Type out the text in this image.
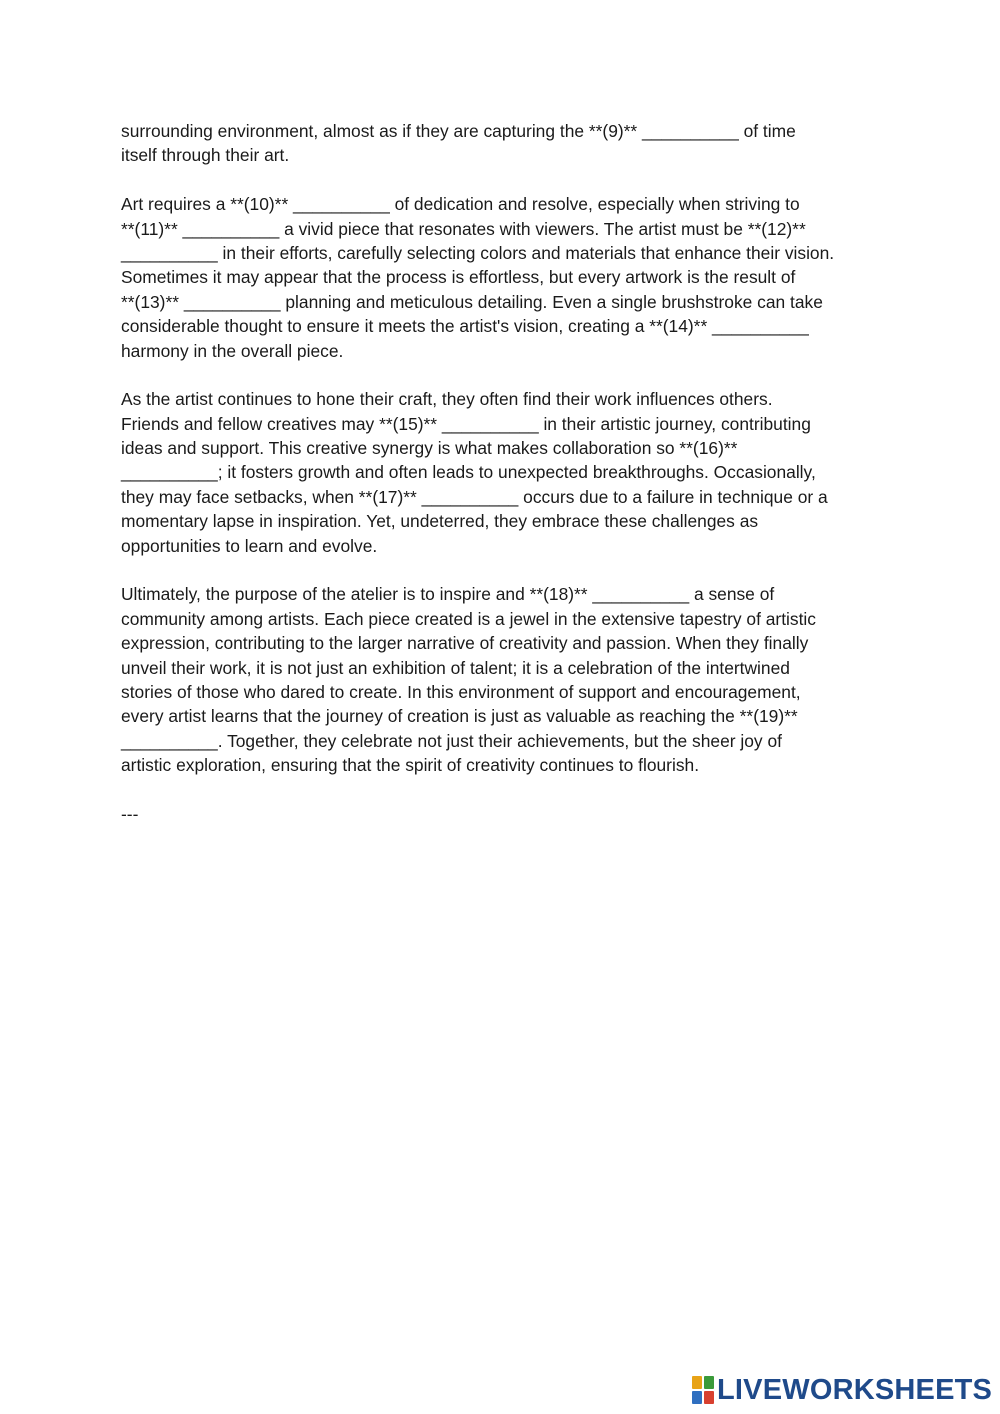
surrounding environment, almost as if they are capturing the **(9)** __________ of time
itself through their art.
Art requires a **(10)** __________ of dedication and resolve, especially when striving to
**(11)** __________ a vivid piece that resonates with viewers. The artist must be **(12)**
__________ in their efforts, carefully selecting colors and materials that enhance their vision.
Sometimes it may appear that the process is effortless, but every artwork is the result of
**(13)** __________ planning and meticulous detailing. Even a single brushstroke can take
considerable thought to ensure it meets the artist's vision, creating a **(14)** __________
harmony in the overall piece.
As the artist continues to hone their craft, they often find their work influences others.
Friends and fellow creatives may **(15)** __________ in their artistic journey, contributing
ideas and support. This creative synergy is what makes collaboration so **(16)**
__________; it fosters growth and often leads to unexpected breakthroughs. Occasionally,
they may face setbacks, when **(17)** __________ occurs due to a failure in technique or a
momentary lapse in inspiration. Yet, undeterred, they embrace these challenges as
opportunities to learn and evolve.
Ultimately, the purpose of the atelier is to inspire and **(18)** __________ a sense of
community among artists. Each piece created is a jewel in the extensive tapestry of artistic
expression, contributing to the larger narrative of creativity and passion. When they finally
unveil their work, it is not just an exhibition of talent; it is a celebration of the intertwined
stories of those who dared to create. In this environment of support and encouragement,
every artist learns that the journey of creation is just as valuable as reaching the **(19)**
__________. Together, they celebrate not just their achievements, but the sheer joy of
artistic exploration, ensuring that the spirit of creativity continues to flourish.
---
LIVEWORKSHEETS
